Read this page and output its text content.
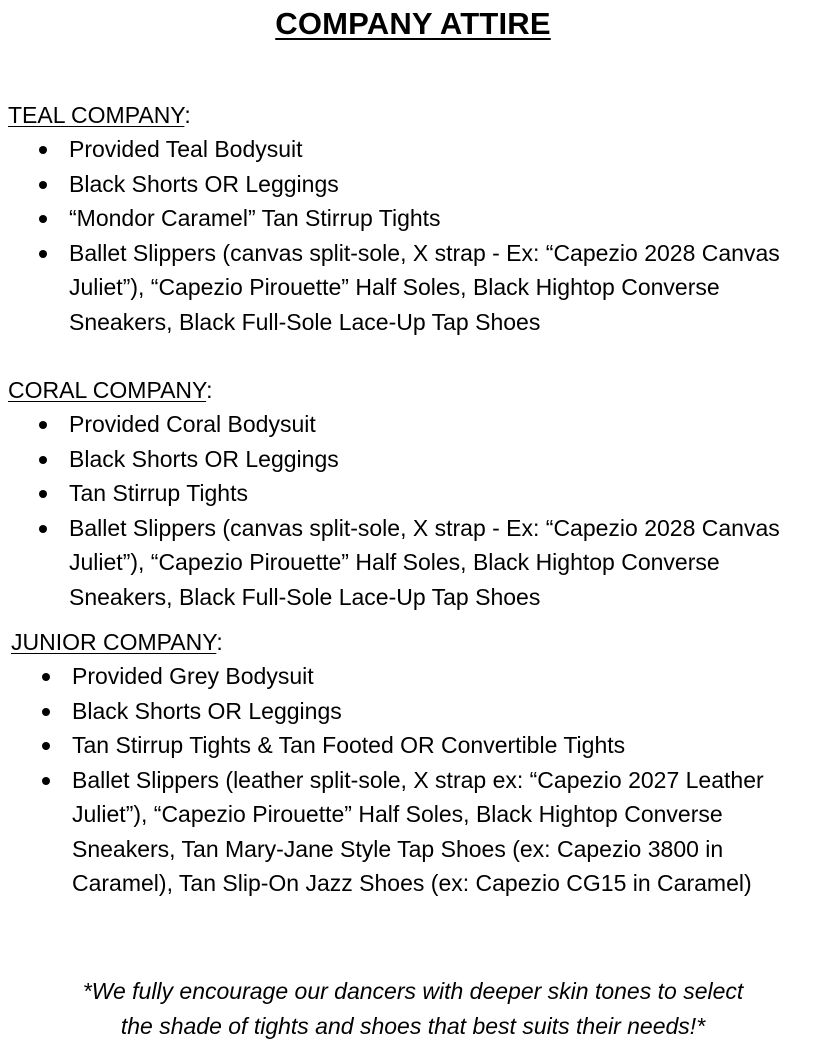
COMPANY ATTIRE
TEAL COMPANY:
Provided Teal Bodysuit
Black Shorts OR Leggings
“Mondor Caramel” Tan Stirrup Tights
Ballet Slippers (canvas split-sole, X strap - Ex: “Capezio 2028 Canvas Juliet”), “Capezio Pirouette” Half Soles, Black Hightop Converse Sneakers, Black Full-Sole Lace-Up Tap Shoes
CORAL COMPANY:
Provided Coral Bodysuit
Black Shorts OR Leggings
Tan Stirrup Tights
Ballet Slippers (canvas split-sole, X strap - Ex: “Capezio 2028 Canvas Juliet”), “Capezio Pirouette” Half Soles, Black Hightop Converse Sneakers, Black Full-Sole Lace-Up Tap Shoes
JUNIOR COMPANY:
Provided Grey Bodysuit
Black Shorts OR Leggings
Tan Stirrup Tights & Tan Footed OR Convertible Tights
Ballet Slippers (leather split-sole, X strap ex: “Capezio 2027 Leather Juliet”), “Capezio Pirouette” Half Soles, Black Hightop Converse Sneakers, Tan Mary-Jane Style Tap Shoes (ex: Capezio 3800 in Caramel), Tan Slip-On Jazz Shoes (ex: Capezio CG15 in Caramel)
*We fully encourage our dancers with deeper skin tones to select
the shade of tights and shoes that best suits their needs!*
